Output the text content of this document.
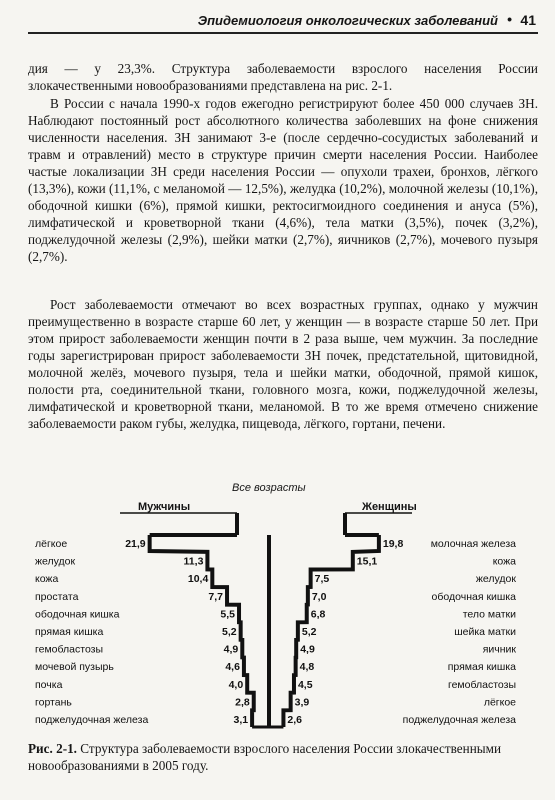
Эпидемиология онкологических заболеваний • 41

дия — у 23,3%. Структура заболеваемости взрослого населения России злокачественными новообразованиями представлена на рис. 2-1.

В России с начала 1990-х годов ежегодно регистрируют более 450 000 случаев ЗН. Наблюдают постоянный рост абсолютного количества заболевших на фоне снижения численности населения. ЗН занимают 3-е (после сердечно-сосудистых заболеваний и травм и отравлений) место в структуре причин смерти населения России. Наиболее частые локализации ЗН среди населения России — опухоли трахеи, бронхов, лёгкого (13,3%), кожи (11,1%, с меланомой — 12,5%), желудка (10,2%), молочной железы (10,1%), ободочной кишки (6%), прямой кишки, ректосигмоидного соединения и ануса (5%), лимфатической и кроветворной ткани (4,6%), тела матки (3,5%), почек (3,2%), поджелудочной железы (2,9%), шейки матки (2,7%), яичников (2,7%), мочевого пузыря (2,7%).

Рост заболеваемости отмечают во всех возрастных группах, однако у мужчин преимущественно в возрасте старше 60 лет, у женщин — в возрасте старше 50 лет. При этом прирост заболеваемости женщин почти в 2 раза выше, чем мужчин. За последние годы зарегистрирован прирост заболеваемости ЗН почек, предстательной, щитовидной, молочной желёз, мочевого пузыря, тела и шейки матки, ободочной, прямой кишок, полости рта, соединительной ткани, головного мозга, кожи, поджелудочной железы, лимфатической и кроветворной ткани, меланомой. В то же время отмечено снижение заболеваемости раком губы, желудка, пищевода, лёгкого, гортани, печени.

Все возрасты
Мужчины	Женщины
лёгкое	21,9	19,8	молочная железа
желудок	11,3	15,1	кожа
кожа	10,4	7,5	желудок
простата	7,7	7,0	ободочная кишка
ободочная кишка	5,5	6,8	тело матки
прямая кишка	5,2	5,2	шейка матки
гемобластозы	4,9	4,9	яичник
мочевой пузырь	4,6	4,8	прямая кишка
почка	4,0	4,5	гемобластозы
гортань	2,8	3,9	лёгкое
поджелудочная железа	3,1	2,6	поджелудочная железа

Рис. 2-1. Структура заболеваемости взрослого населения России злокачественными новообразованиями в 2005 году.
